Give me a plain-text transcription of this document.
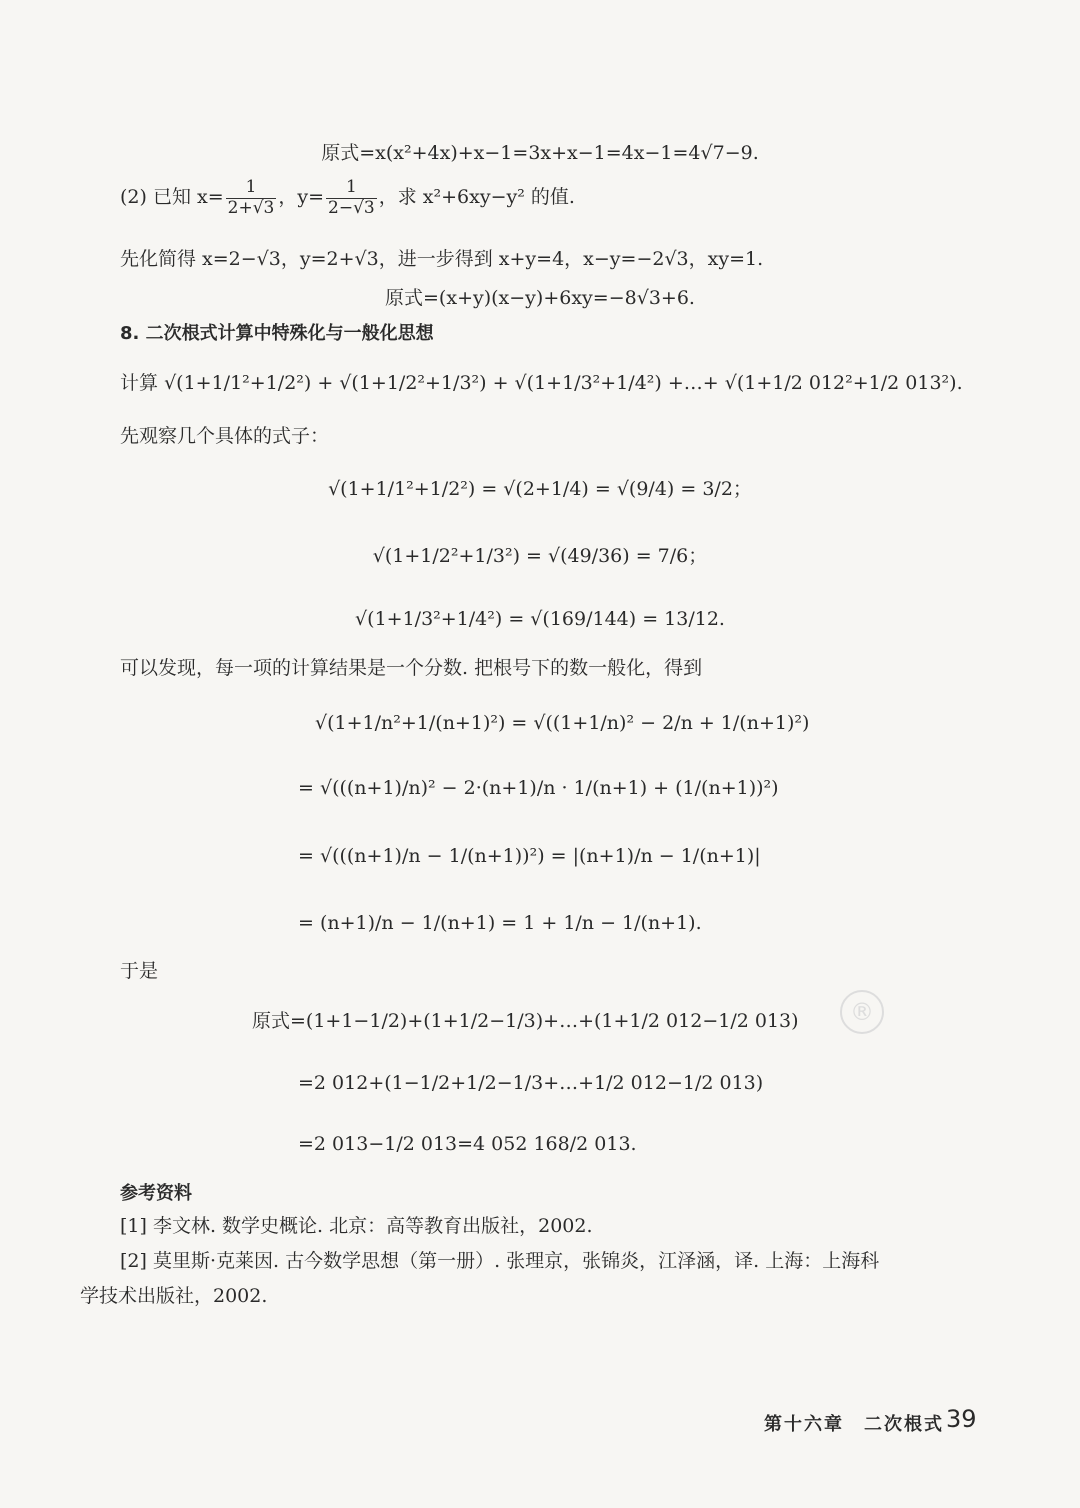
原式=x(x²+4x)+x−1=3x+x−1=4x−1=4√7−9.
(2) 已知 $x= \frac{1}{2+√3}$ ，$y= \frac{1}{2-√3}$ ，求 x²+6xy−y² 的值.
先化简得 x=2−√3，y=2+√3，进一步得到 x+y=4，x−y=−2√3，xy=1.
原式=(x+y)(x−y)+6xy=−8√3+6.
8. 二次根式计算中特殊化与一般化思想
计算 √(1+1/1²+1/2²) + √(1+1/2²+1/3²) + √(1+1/3²+1/4²) +…+ √(1+1/2 012²+1/2 013²).
先观察几个具体的式子：
√(1+1/1²+1/2²) = √(2+1/4) = √(9/4) = 3/2；
√(1+1/2²+1/3²) = √(49/36) = 7/6；
√(1+1/3²+1/4²) = √(169/144) = 13/12.
可以发现，每一项的计算结果是一个分数. 把根号下的数一般化，得到
√(1+1/n²+1/(n+1)²) = √((1+1/n)² − 2/n + 1/(n+1)²)
= √(((n+1)/n)² − 2·(n+1)/n · 1/(n+1) + (1/(n+1))²)
= √(((n+1)/n − 1/(n+1))²) = |(n+1)/n − 1/(n+1)|
= (n+1)/n − 1/(n+1) = 1 + 1/n − 1/(n+1).
于是
原式=(1+1−1/2)+(1+1/2−1/3)+…+(1+1/2 012−1/2 013)
=2 012+(1−1/2+1/2−1/3+…+1/2 012−1/2 013)
=2 013−1/2 013=4 052 168/2 013.
®
参考资料
[1] 李文林. 数学史概论. 北京：高等教育出版社，2002.
[2] 莫里斯·克莱因. 古今数学思想（第一册）. 张理京，张锦炎，江泽涵，译. 上海：上海科
学技术出版社，2002.
第十六章　二次根式 39
